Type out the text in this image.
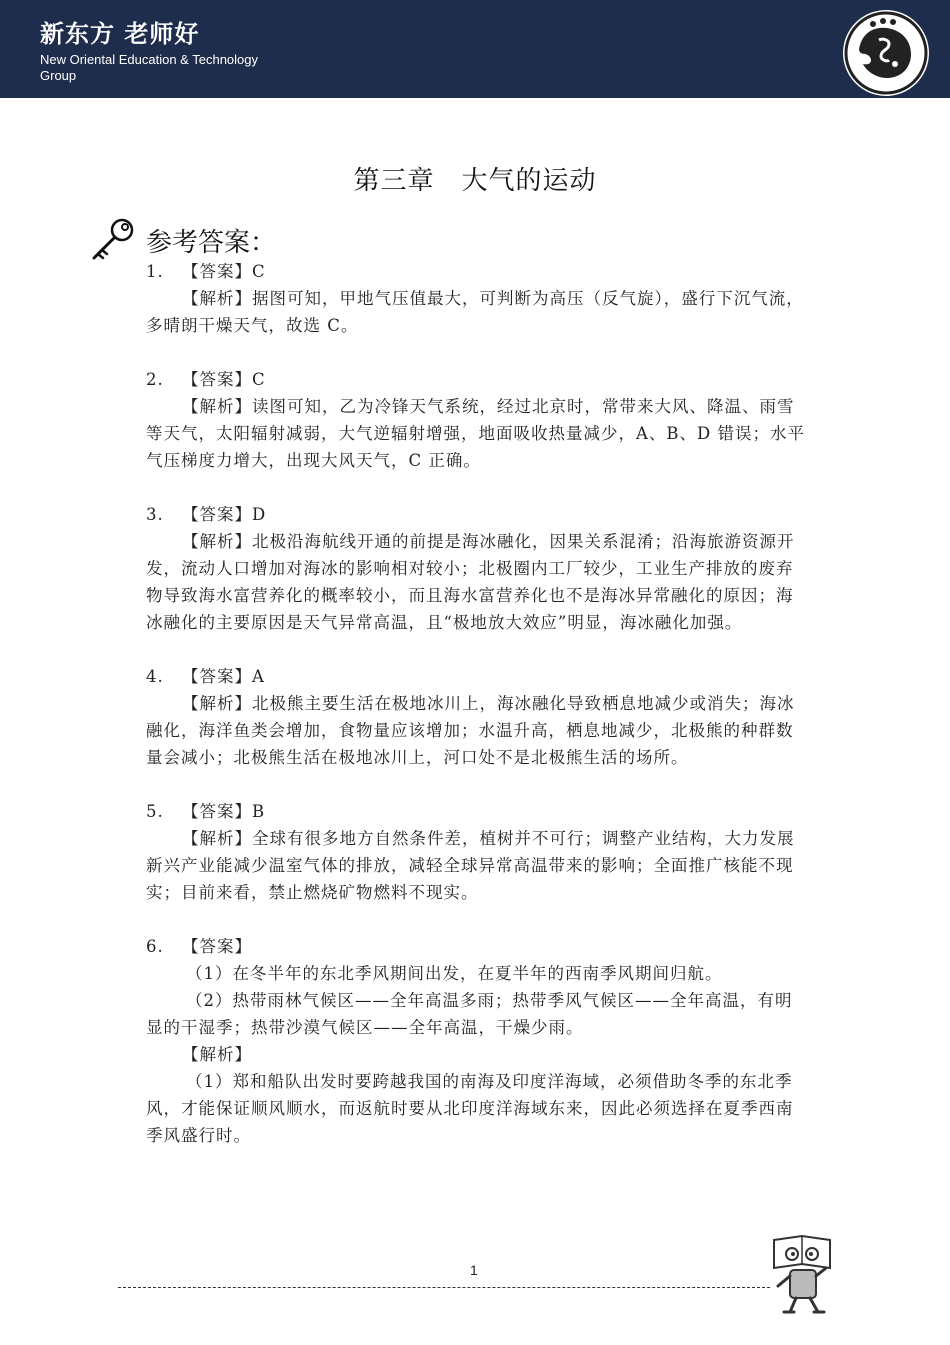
新东方 老师好
New Oriental Education & Technology Group
第三章　大气的运动
参考答案：

1. 【答案】C

【解析】据图可知，甲地气压值最大，可判断为高压（反气旋），盛行下沉气流，多晴朗干燥天气，故选 C。

2. 【答案】C

【解析】读图可知，乙为冷锋天气系统，经过北京时，常带来大风、降温、雨雪等天气，太阳辐射减弱，大气逆辐射增强，地面吸收热量减少，A、B、D 错误；水平气压梯度力增大，出现大风天气，C 正确。

3. 【答案】D

【解析】北极沿海航线开通的前提是海冰融化，因果关系混淆；沿海旅游资源开发，流动人口增加对海冰的影响相对较小；北极圈内工厂较少，工业生产排放的废弃物导致海水富营养化的概率较小，而且海水富营养化也不是海冰异常融化的原因；海冰融化的主要原因是天气异常高温，且“极地放大效应”明显，海冰融化加强。

4. 【答案】A

【解析】北极熊主要生活在极地冰川上，海冰融化导致栖息地减少或消失；海冰融化，海洋鱼类会增加，食物量应该增加；水温升高，栖息地减少，北极熊的种群数量会减小；北极熊生活在极地冰川上，河口处不是北极熊生活的场所。

5. 【答案】B

【解析】全球有很多地方自然条件差，植树并不可行；调整产业结构，大力发展新兴产业能减少温室气体的排放，减轻全球异常高温带来的影响；全面推广核能不现实；目前来看，禁止燃烧矿物燃料不现实。

6. 【答案】

（1）在冬半年的东北季风期间出发，在夏半年的西南季风期间归航。

（2）热带雨林气候区——全年高温多雨；热带季风气候区——全年高温，有明显的干湿季；热带沙漠气候区——全年高温，干燥少雨。

【解析】

（1）郑和船队出发时要跨越我国的南海及印度洋海域，必须借助冬季的东北季风，才能保证顺风顺水，而返航时要从北印度洋海域东来，因此必须选择在夏季西南季风盛行时。

1
